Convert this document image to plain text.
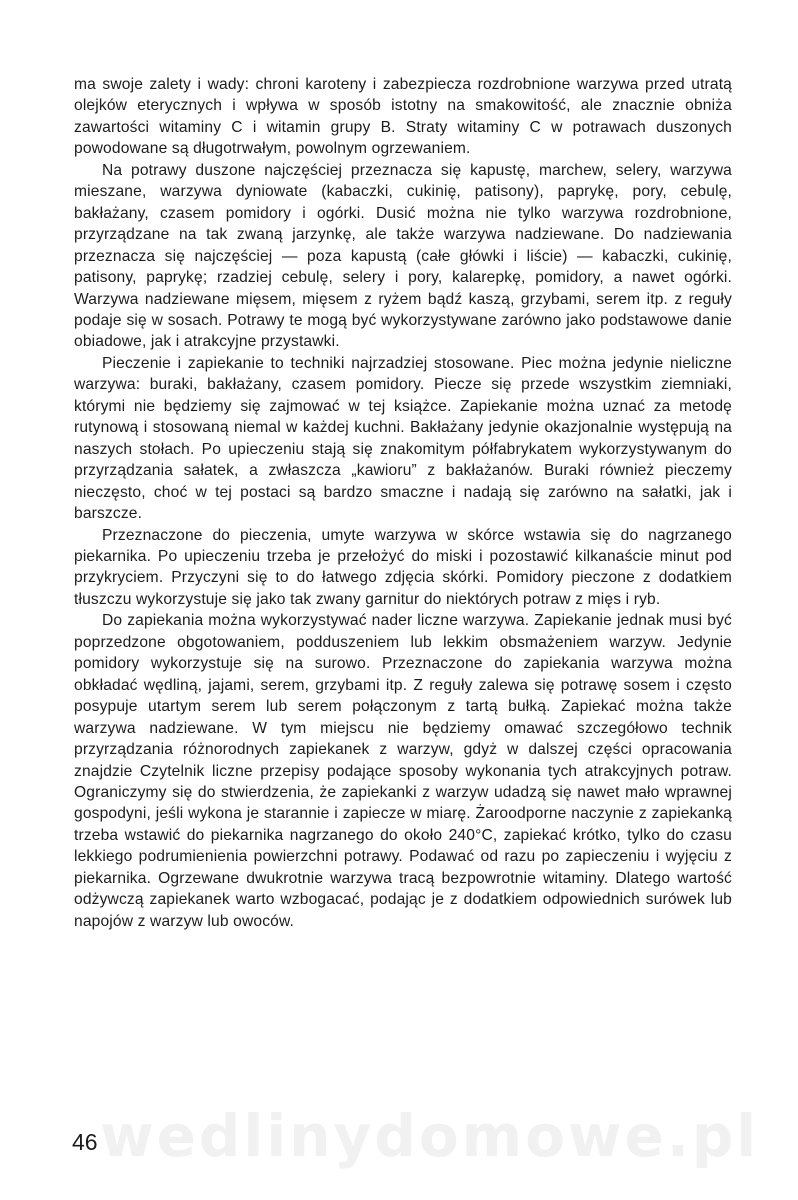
wedlinydomowe.pl

ma swoje zalety i wady: chroni karoteny i zabezpiecza rozdrobnione warzywa przed utratą olejków eterycznych i wpływa w sposób istotny na smakowitość, ale znacznie obniża zawartości witaminy C i witamin grupy B. Straty witaminy C w potrawach duszonych powodowane są długotrwałym, powolnym ogrzewaniem.

Na potrawy duszone najczęściej przeznacza się kapustę, marchew, selery, warzywa mieszane, warzywa dyniowate (kabaczki, cukinię, patisony), paprykę, pory, cebulę, bakłażany, czasem pomidory i ogórki. Dusić można nie tylko warzywa rozdrobnione, przyrządzane na tak zwaną jarzynkę, ale także warzywa nadziewane. Do nadziewania przeznacza się najczęściej — poza kapustą (całe główki i liście) — kabaczki, cukinię, patisony, paprykę; rzadziej cebulę, selery i pory, kalarepkę, pomidory, a nawet ogórki. Warzywa nadziewane mięsem, mięsem z ryżem bądź kaszą, grzybami, serem itp. z reguły podaje się w sosach. Potrawy te mogą być wykorzystywane zarówno jako podstawowe danie obiadowe, jak i atrakcyjne przystawki.

Pieczenie i zapiekanie to techniki najrzadziej stosowane. Piec można jedynie nieliczne warzywa: buraki, bakłażany, czasem pomidory. Piecze się przede wszystkim ziemniaki, którymi nie będziemy się zajmować w tej książce. Zapiekanie można uznać za metodę rutynową i stosowaną niemal w każdej kuchni. Bakłażany jedynie okazjonalnie występują na naszych stołach. Po upieczeniu stają się znakomitym półfabrykatem wykorzystywanym do przyrządzania sałatek, a zwłaszcza „kawioru” z bakłażanów. Buraki również pieczemy nieczęsto, choć w tej postaci są bardzo smaczne i nadają się zarówno na sałatki, jak i barszcze.

Przeznaczone do pieczenia, umyte warzywa w skórce wstawia się do nagrzanego piekarnika. Po upieczeniu trzeba je przełożyć do miski i pozostawić kilkanaście minut pod przykryciem. Przyczyni się to do łatwego zdjęcia skórki. Pomidory pieczone z dodatkiem tłuszczu wykorzystuje się jako tak zwany garnitur do niektórych potraw z mięs i ryb.

Do zapiekania można wykorzystywać nader liczne warzywa. Zapiekanie jednak musi być poprzedzone obgotowaniem, podduszeniem lub lekkim obsmażeniem warzyw. Jedynie pomidory wykorzystuje się na surowo. Przeznaczone do zapiekania warzywa można obkładać wędliną, jajami, serem, grzybami itp. Z reguły zalewa się potrawę sosem i często posypuje utartym serem lub serem połączonym z tartą bułką. Zapiekać można także warzywa nadziewane. W tym miejscu nie będziemy omawać szczegółowo technik przyrządzania różnorodnych zapiekanek z warzyw, gdyż w dalszej części opracowania znajdzie Czytelnik liczne przepisy podające sposoby wykonania tych atrakcyjnych potraw. Ograniczymy się do stwierdzenia, że zapiekanki z warzyw udadzą się nawet mało wprawnej gospodyni, jeśli wykona je starannie i zapiecze w miarę. Żaroodporne naczynie z zapiekanką trzeba wstawić do piekarnika nagrzanego do około 240°C, zapiekać krótko, tylko do czasu lekkiego podrumienienia powierzchni potrawy. Podawać od razu po zapieczeniu i wyjęciu z piekarnika. Ogrzewane dwukrotnie warzywa tracą bezpowrotnie witaminy. Dlatego wartość odżywczą zapiekanek warto wzbogacać, podając je z dodatkiem odpowiednich surówek lub napojów z warzyw lub owoców.

46
